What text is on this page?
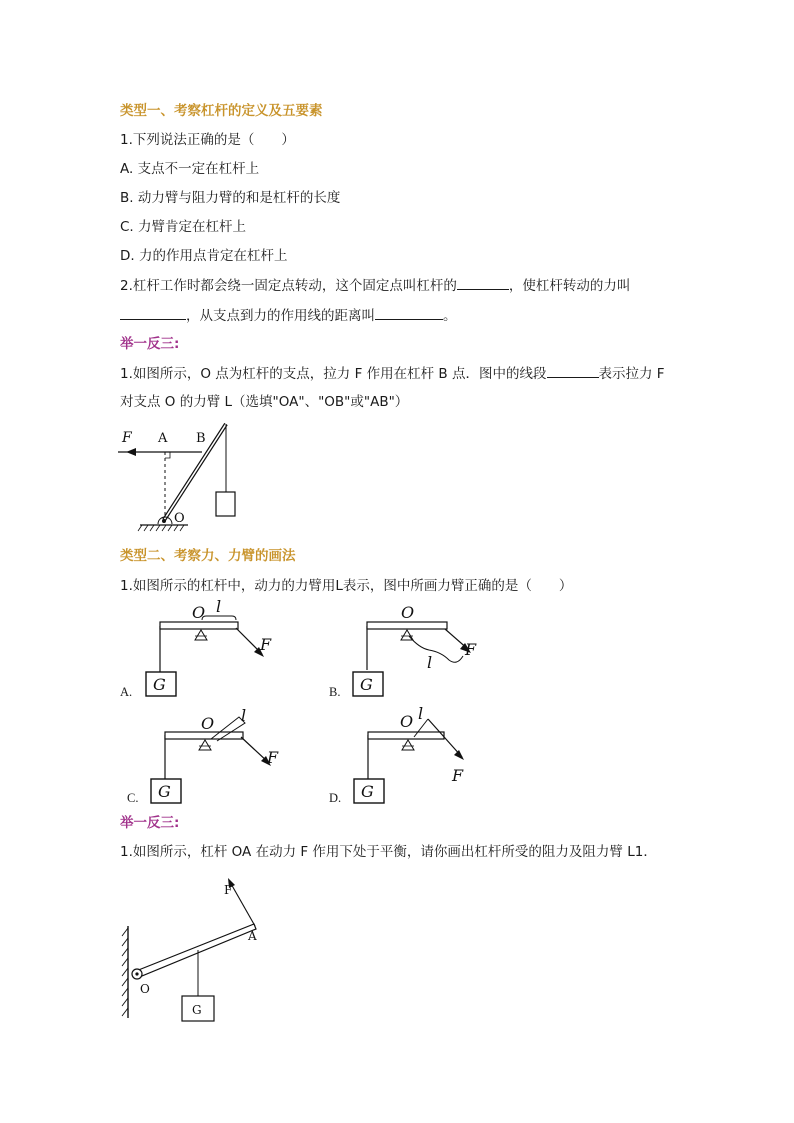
类型一、考察杠杆的定义及五要素
1.下列说法正确的是（　　）
A. 支点不一定在杠杆上
B. 动力臂与阻力臂的和是杠杆的长度
C. 力臂肯定在杠杆上
D. 力的作用点肯定在杠杆上
2.杠杆工作时都会绕一固定点转动，这个固定点叫杠杆的	，使杠杆转动的力叫
，从支点到力的作用线的距离叫	。
举一反三:
1.如图所示，O 点为杠杆的支点，拉力 F 作用在杠杆 B 点．图中的线段	表示拉力 F
对支点 O 的力臂 L（选填"OA"、"OB"或"AB"）
F A B
O
类型二、考察力、力臂的画法
1.如图所示的杠杆中，动力的力臂用L表示，图中所画力臂正确的是（　　）
A.
O l
F
G	B.
O
F
l
G
C.
O l
F
G	D.
O l
F
G
举一反三:
1.如图所示，杠杆 OA 在动力 F 作用下处于平衡，请你画出杠杆所受的阻力及阻力臂 L1．
O
F
A
G
